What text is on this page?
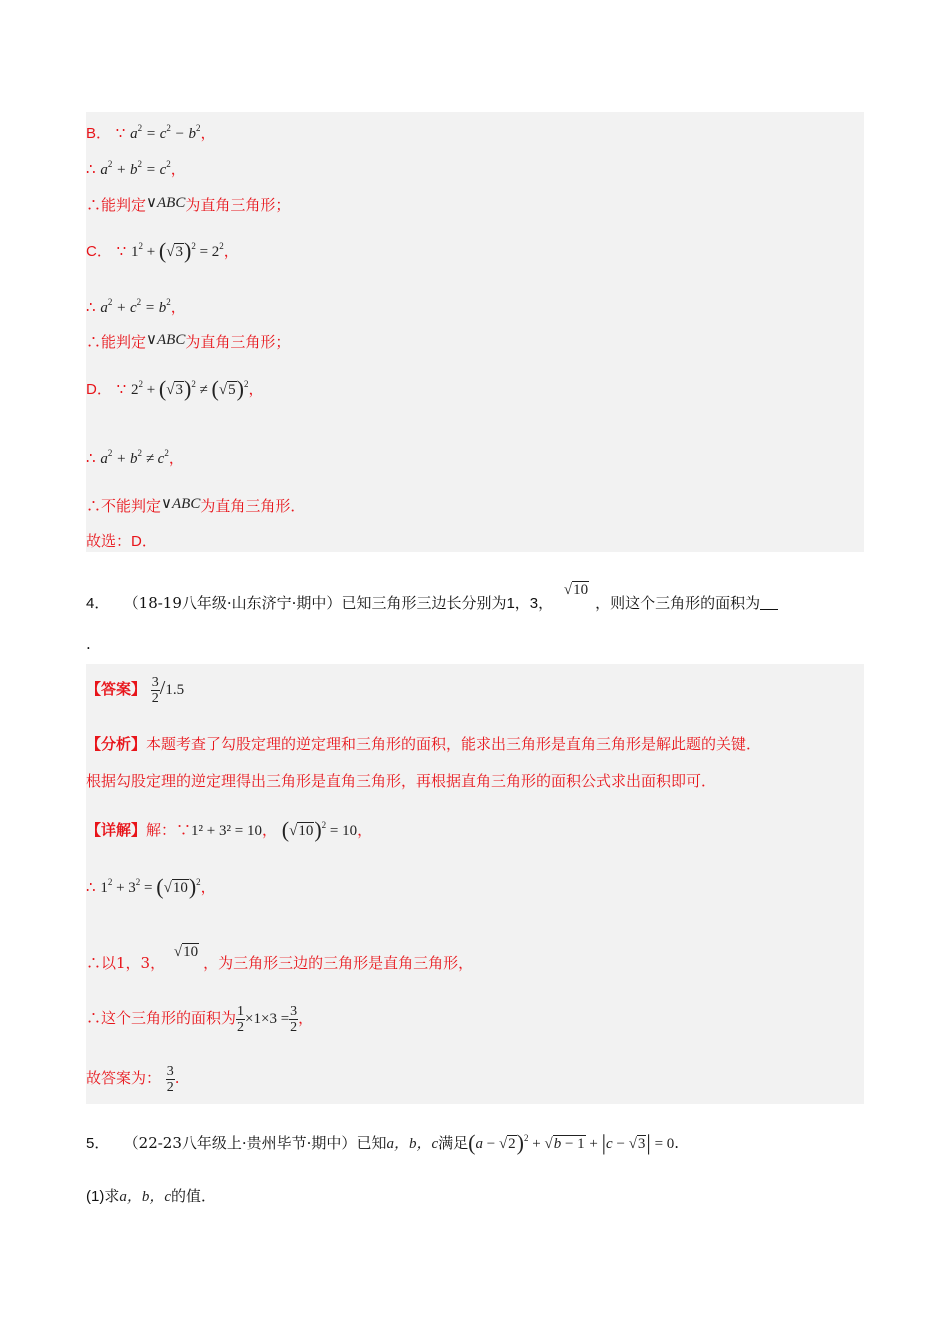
B． ∵ $a^2 = c^2 - b^2$，
∴ $a^2 + b^2 = c^2$，
∴能判定∨ABC为直角三角形；
C． ∵ $1^2 + (√3)^2 = 2^2$，
∴ $a^2 + c^2 = b^2$，
∴能判定∨ABC为直角三角形；
D． ∵ $2^2 + (√3)^2 \ne (√5)^2$，
∴ $a^2 + b^2 \ne c^2$，
∴不能判定∨ABC为直角三角形．
故选：D．
4． （18-19八年级·山东济宁·期中）已知三角形三边长分别为1，3， √10，则这个三角形的面积为
.
【答案】 $\frac{3}{2} /1.5$
【分析】本题考查了勾股定理的逆定理和三角形的面积，能求出三角形是直角三角形是解此题的关键．
根据勾股定理的逆定理得出三角形是直角三角形，再根据直角三角形的面积公式求出面积即可．
【详解】解：∵1² + 3² = 10， $(√10)^2 = 10$，
∴ $1^2 + 3^2 = (√10)^2$，
∴以1，3， √10，为三角形三边的三角形是直角三角形，
∴这个三角形的面积为 $\frac{1}{2} \times 1\times 3 = \frac{3}{2}$ ，
故答案为： $\frac{3}{2}$ .
5． （22-23八年级上·贵州毕节·期中）已知a，b，c满足$(a - √2)^2 + √b - 1 + |c - √3| = 0$.
(1)求a，b，c的值．
